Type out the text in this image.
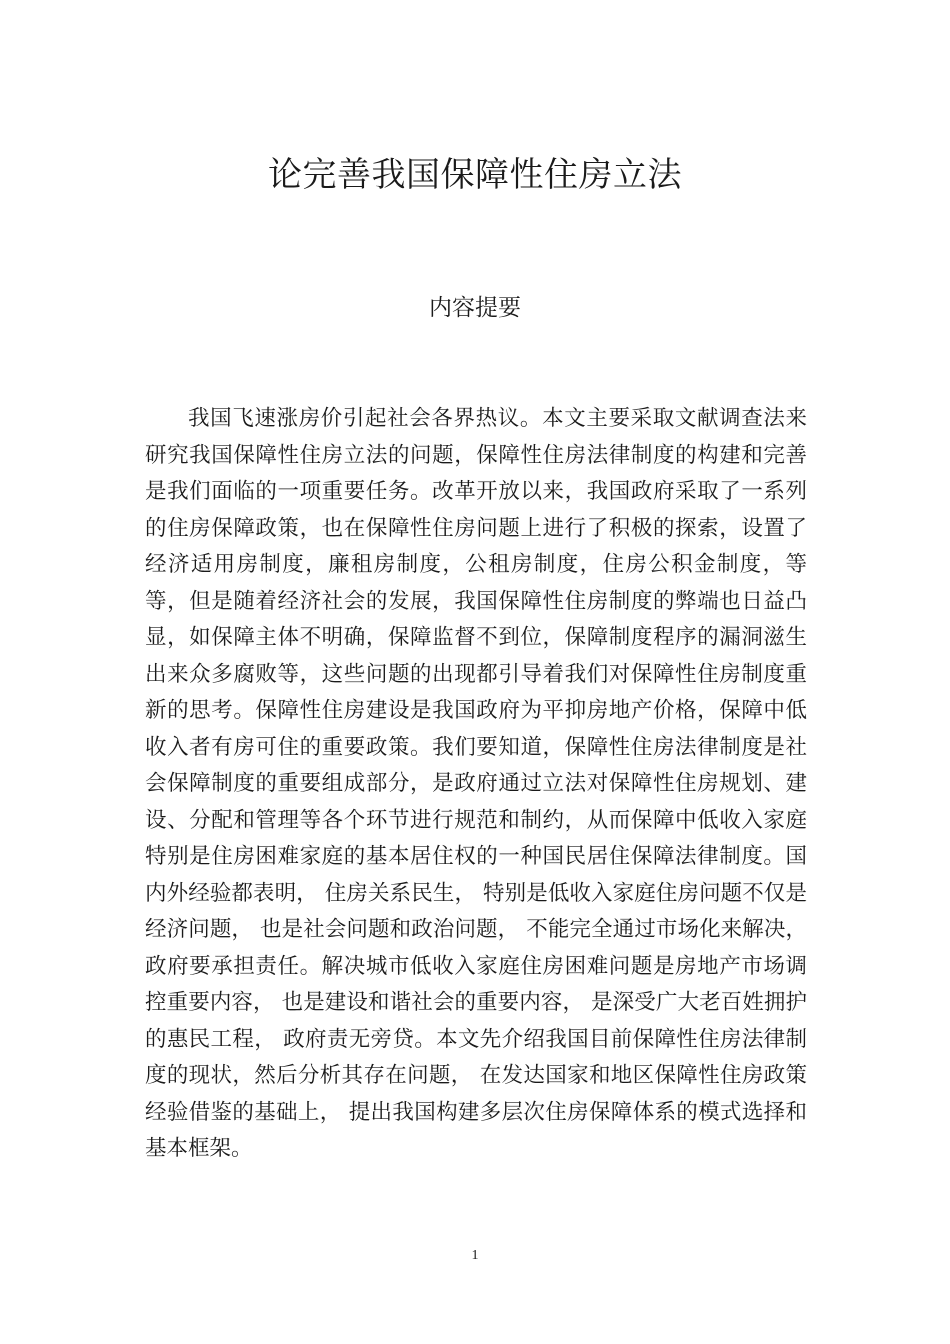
论完善我国保障性住房立法
内容提要

我国飞速涨房价引起社会各界热议。本文主要采取文献调查法来研究我国保障性住房立法的问题，保障性住房法律制度的构建和完善是我们面临的一项重要任务。改革开放以来，我国政府采取了一系列的住房保障政策，也在保障性住房问题上进行了积极的探索，设置了经济适用房制度，廉租房制度，公租房制度，住房公积金制度，等等，但是随着经济社会的发展，我国保障性住房制度的弊端也日益凸显，如保障主体不明确，保障监督不到位，保障制度程序的漏洞滋生出来众多腐败等，这些问题的出现都引导着我们对保障性住房制度重新的思考。保障性住房建设是我国政府为平抑房地产价格，保障中低收入者有房可住的重要政策。我们要知道，保障性住房法律制度是社会保障制度的重要组成部分，是政府通过立法对保障性住房规划、建设、分配和管理等各个环节进行规范和制约，从而保障中低收入家庭特别是住房困难家庭的基本居住权的一种国民居住保障法律制度。国内外经验都表明， 住房关系民生， 特别是低收入家庭住房问题不仅是经济问题， 也是社会问题和政治问题， 不能完全通过市场化来解决， 政府要承担责任。解决城市低收入家庭住房困难问题是房地产市场调控重要内容， 也是建设和谐社会的重要内容， 是深受广大老百姓拥护的惠民工程， 政府责无旁贷。本文先介绍我国目前保障性住房法律制度的现状，然后分析其存在问题， 在发达国家和地区保障性住房政策经验借鉴的基础上， 提出我国构建多层次住房保障体系的模式选择和基本框架。

1
